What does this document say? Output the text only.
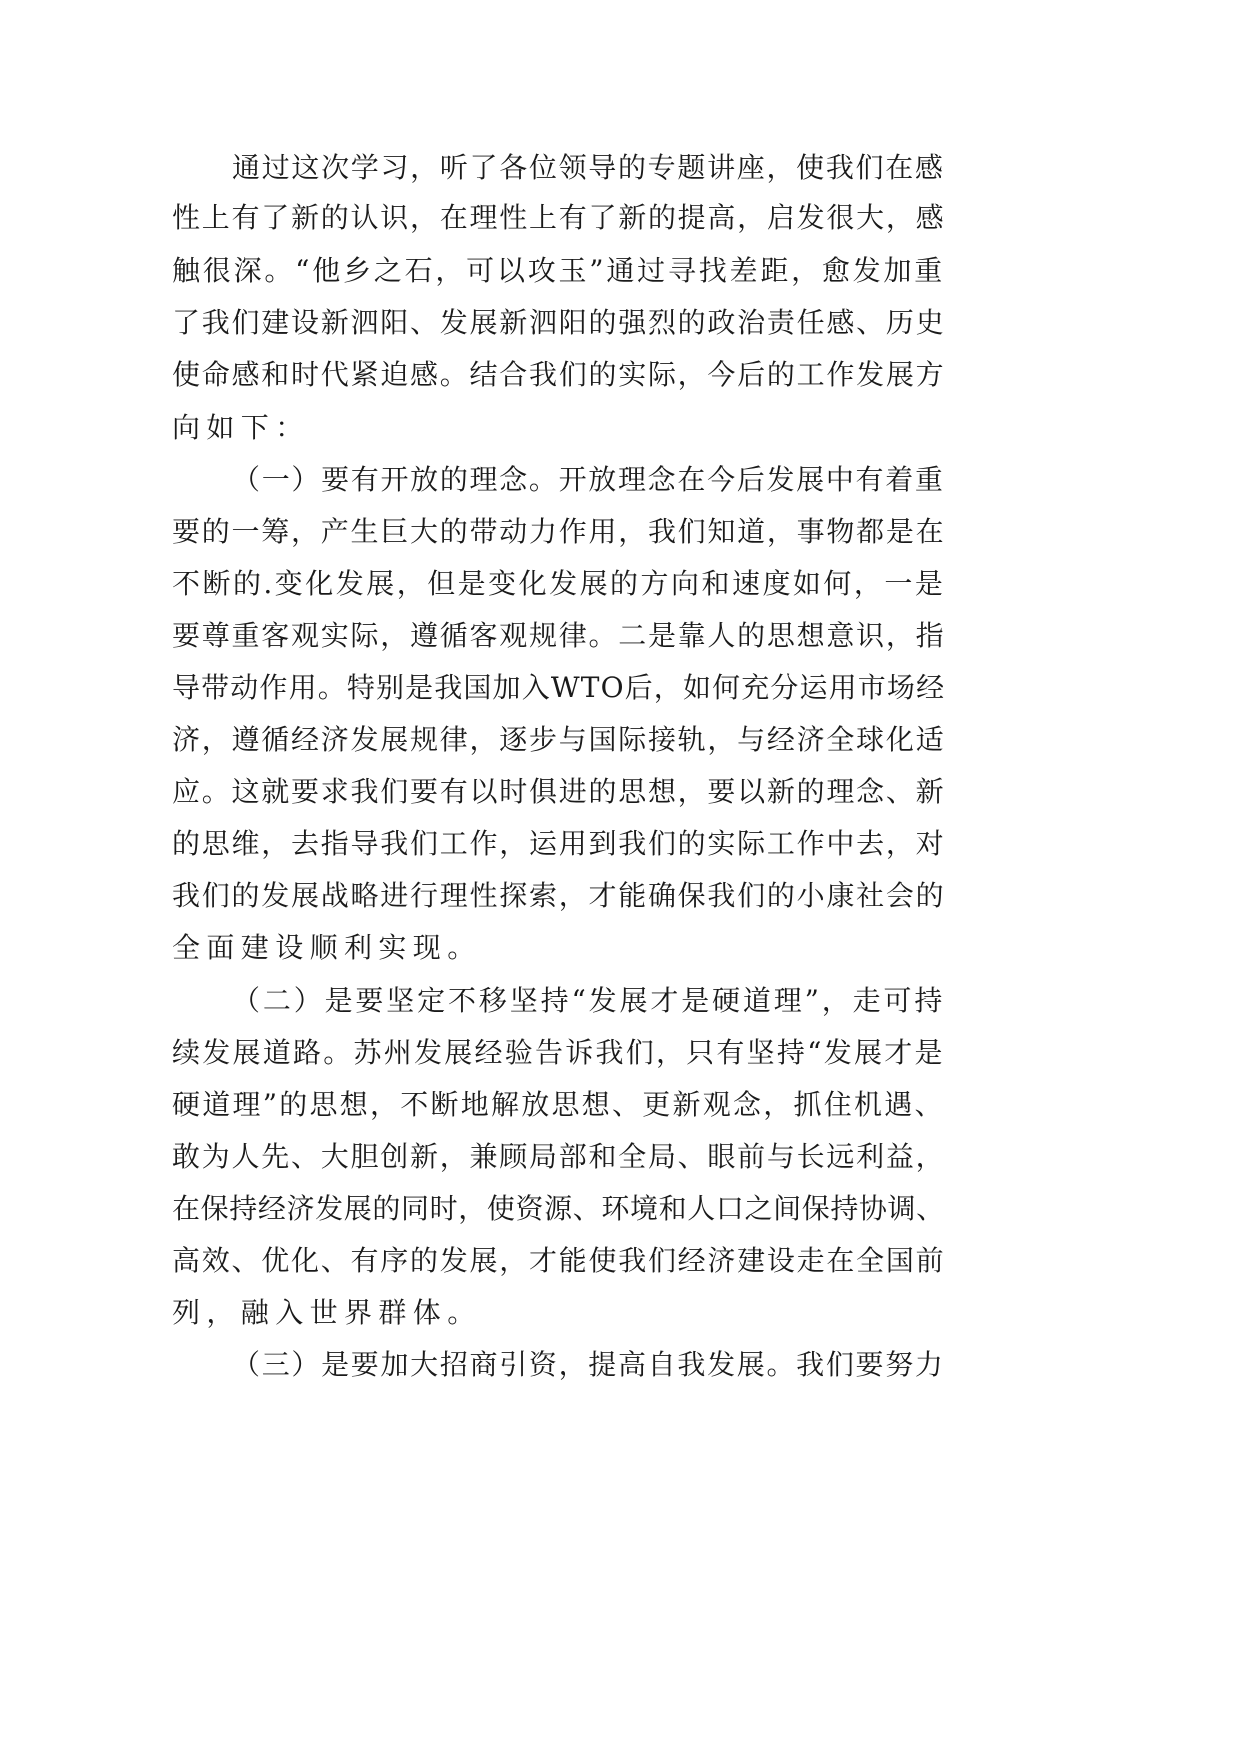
通过这次学习，听了各位领导的专题讲座，使我们在感
性上有了新的认识，在理性上有了新的提高，启发很大，感
触很深。“他乡之石，可以攻玉”通过寻找差距，愈发加重
了我们建设新泗阳、发展新泗阳的强烈的政治责任感、历史
使命感和时代紧迫感。结合我们的实际，今后的工作发展方
向如下：
（一）要有开放的理念。开放理念在今后发展中有着重
要的一筹，产生巨大的带动力作用，我们知道，事物都是在
不断的.变化发展，但是变化发展的方向和速度如何，一是
要尊重客观实际，遵循客观规律。二是靠人的思想意识，指
导带动作用。特别是我国加入WTO后，如何充分运用市场经
济，遵循经济发展规律，逐步与国际接轨，与经济全球化适
应。这就要求我们要有以时俱进的思想，要以新的理念、新
的思维，去指导我们工作，运用到我们的实际工作中去，对
我们的发展战略进行理性探索，才能确保我们的小康社会的
全面建设顺利实现。
（二）是要坚定不移坚持“发展才是硬道理”，走可持
续发展道路。苏州发展经验告诉我们，只有坚持“发展才是
硬道理”的思想，不断地解放思想、更新观念，抓住机遇、
敢为人先、大胆创新，兼顾局部和全局、眼前与长远利益，
在保持经济发展的同时，使资源、环境和人口之间保持协调、
高效、优化、有序的发展，才能使我们经济建设走在全国前
列，融入世界群体。
（三）是要加大招商引资，提高自我发展。我们要努力
